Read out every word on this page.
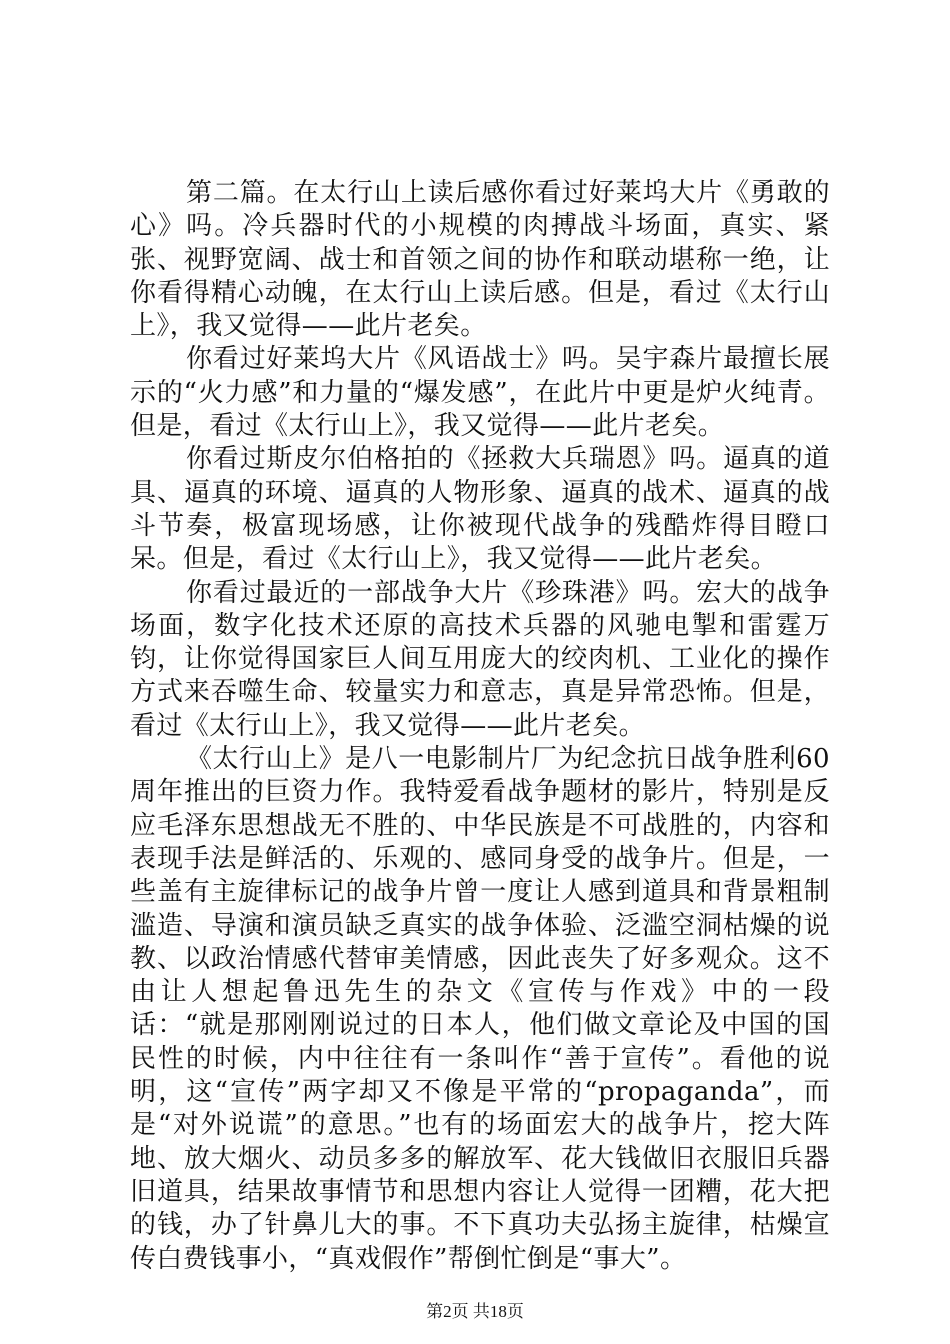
第二篇。在太行山上读后感你看过好莱坞大片《勇敢的心》吗。冷兵器时代的小规模的肉搏战斗场面，真实、紧张、视野宽阔、战士和首领之间的协作和联动堪称一绝，让你看得精心动魄，在太行山上读后感。但是，看过《太行山上》，我又觉得——此片老矣。

你看过好莱坞大片《风语战士》吗。吴宇森片最擅长展示的“火力感”和力量的“爆发感”，在此片中更是炉火纯青。但是，看过《太行山上》，我又觉得——此片老矣。

你看过斯皮尔伯格拍的《拯救大兵瑞恩》吗。逼真的道具、逼真的环境、逼真的人物形象、逼真的战术、逼真的战斗节奏，极富现场感，让你被现代战争的残酷炸得目瞪口呆。但是，看过《太行山上》，我又觉得——此片老矣。

你看过最近的一部战争大片《珍珠港》吗。宏大的战争场面，数字化技术还原的高技术兵器的风驰电掣和雷霆万钧，让你觉得国家巨人间互用庞大的绞肉机、工业化的操作方式来吞噬生命、较量实力和意志，真是异常恐怖。但是，看过《太行山上》，我又觉得——此片老矣。

《太行山上》是八一电影制片厂为纪念抗日战争胜利60周年推出的巨资力作。我特爱看战争题材的影片，特别是反应毛泽东思想战无不胜的、中华民族是不可战胜的，内容和表现手法是鲜活的、乐观的、感同身受的战争片。但是，一些盖有主旋律标记的战争片曾一度让人感到道具和背景粗制滥造、导演和演员缺乏真实的战争体验、泛滥空洞枯燥的说教、以政治情感代替审美情感，因此丧失了好多观众。这不由让人想起鲁迅先生的杂文《宣传与作戏》中的一段话：“就是那刚刚说过的日本人，他们做文章论及中国的国民性的时候，内中往往有一条叫作“善于宣传”。看他的说明，这“宣传”两字却又不像是平常的“propaganda”，而是“对外说谎”的意思。”也有的场面宏大的战争片，挖大阵地、放大烟火、动员多多的解放军、花大钱做旧衣服旧兵器旧道具，结果故事情节和思想内容让人觉得一团糟，花大把的钱，办了针鼻儿大的事。不下真功夫弘扬主旋律，枯燥宣传白费钱事小，“真戏假作”帮倒忙倒是“事大”。

第2页 共18页
